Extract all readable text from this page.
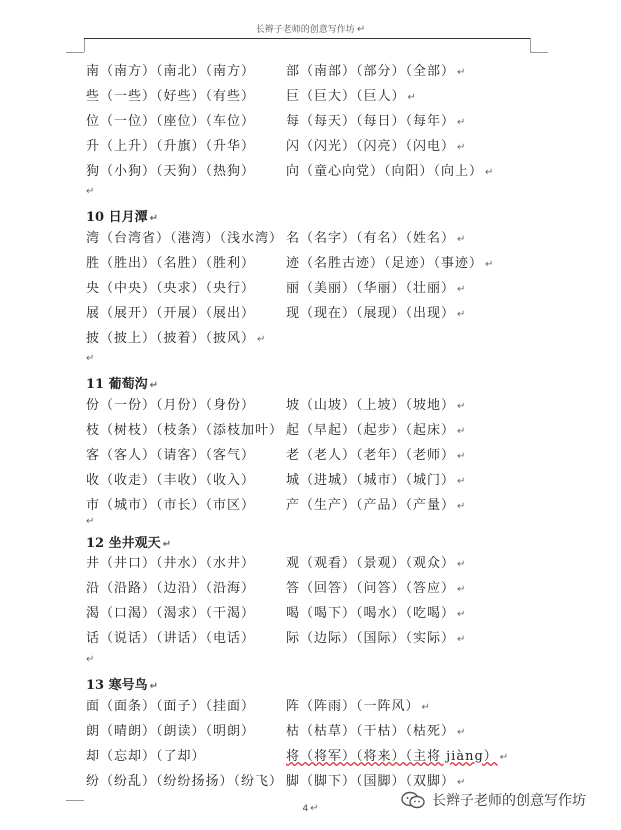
长辫子老师的创意写作坊 ↵
南（南方）（南北）（南方） 部（南部）（部分）（全部） ↵
些（一些）（好些）（有些） 巨（巨大）（巨人） ↵
位（一位）（座位）（车位） 每（每天）（每日）（每年） ↵
升（上升）（升旗）（升华） 闪（闪光）（闪亮）（闪电） ↵
狗（小狗）（天狗）（热狗） 向（童心向党）（向阳）（向上） ↵
↵
10 日月潭 ↵
湾（台湾省）（港湾）（浅水湾） 名（名字）（有名）（姓名） ↵
胜（胜出）（名胜）（胜利） 迹（名胜古迹）（足迹）（事迹） ↵
央（中央）（央求）（央行） 丽（美丽）（华丽）（壮丽） ↵
展（展开）（开展）（展出） 现（现在）（展现）（出现） ↵
披（披上）（披着）（披风） ↵
↵
11 葡萄沟 ↵
份（一份）（月份）（身份） 坡（山坡）（上坡）（坡地） ↵
枝（树枝）（枝条）（添枝加叶） 起（早起）（起步）（起床） ↵
客（客人）（请客）（客气） 老（老人）（老年）（老师） ↵
收（收走）（丰收）（收入） 城（进城）（城市）（城门） ↵
市（城市）（市长）（市区） 产（生产）（产品）（产量） ↵
↵
12 坐井观天 ↵
井（井口）（井水）（水井） 观（观看）（景观）（观众） ↵
沿（沿路）（边沿）（沿海） 答（回答）（问答）（答应） ↵
渴（口渴）（渴求）（干渴） 喝（喝下）（喝水）（吃喝） ↵
话（说话）（讲话）（电话） 际（边际）（国际）（实际） ↵
↵
13 寒号鸟 ↵
面（面条）（面子）（挂面） 阵（阵雨）（一阵风） ↵
朗（晴朗）（朗读）（明朗） 枯（枯草）（干枯）（枯死） ↵
却（忘却）（了却）	将（将军）（将来）（主将 jiàng） ↵
纷（纷乱）（纷纷扬扬）（纷飞） 脚（脚下）（国脚）（双脚） ↵
4 ↵	长辫子老师的创意写作坊
